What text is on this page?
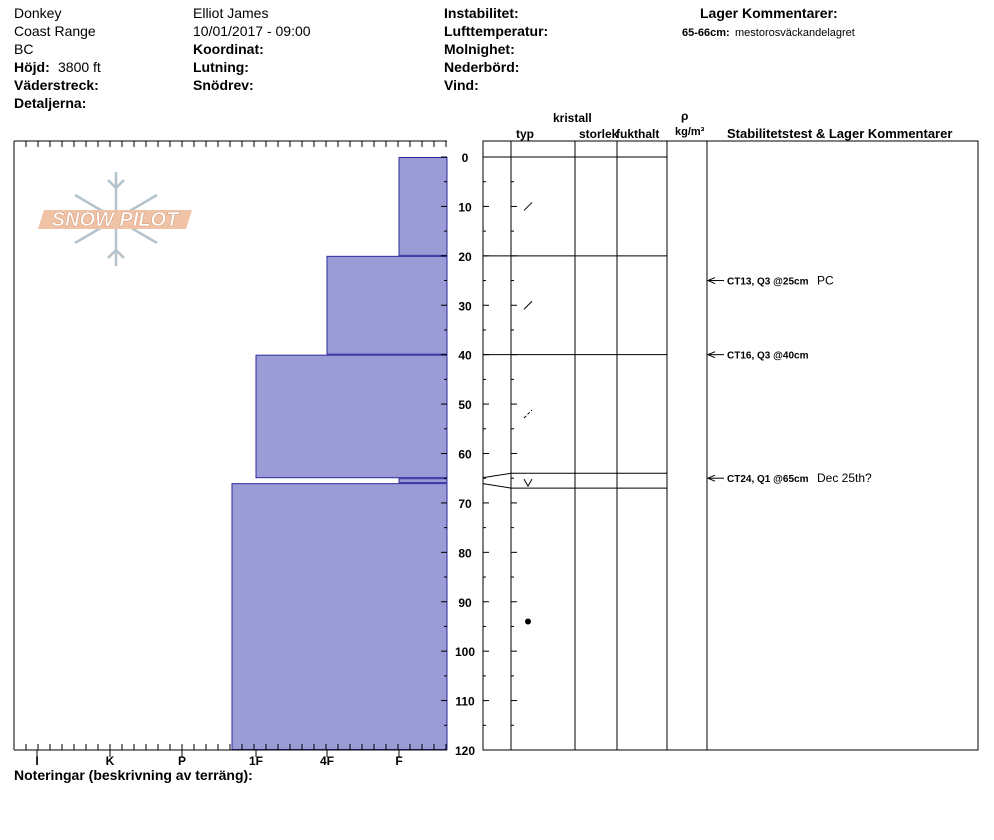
Donkey
Coast Range
BC
Höjd: 3800 ft
Väderstreck:
Detaljerna:
Elliot James
10/01/2017 - 09:00
Koordinat:
Lutning:
Snödrev:
Instabilitet:
Lufttemperatur:
Molnighet:
Nederbörd:
Vind:
Lager Kommentarer:
65-66cm: mestorosväckandelagret
kristall
typ	storlek
fukthalt
ρ
kg/m³ Stabilitetstest & Lager Kommentarer
Noteringar (beskrivning av terräng):
SNOW PILOT
I	K	P	1F	4F	F
0
10
20
30
40
50
60
70
80
90
100
110
120
CT13, Q3 @25cm PC
CT16, Q3 @40cm
CT24, Q1 @65cm Dec 25th?
